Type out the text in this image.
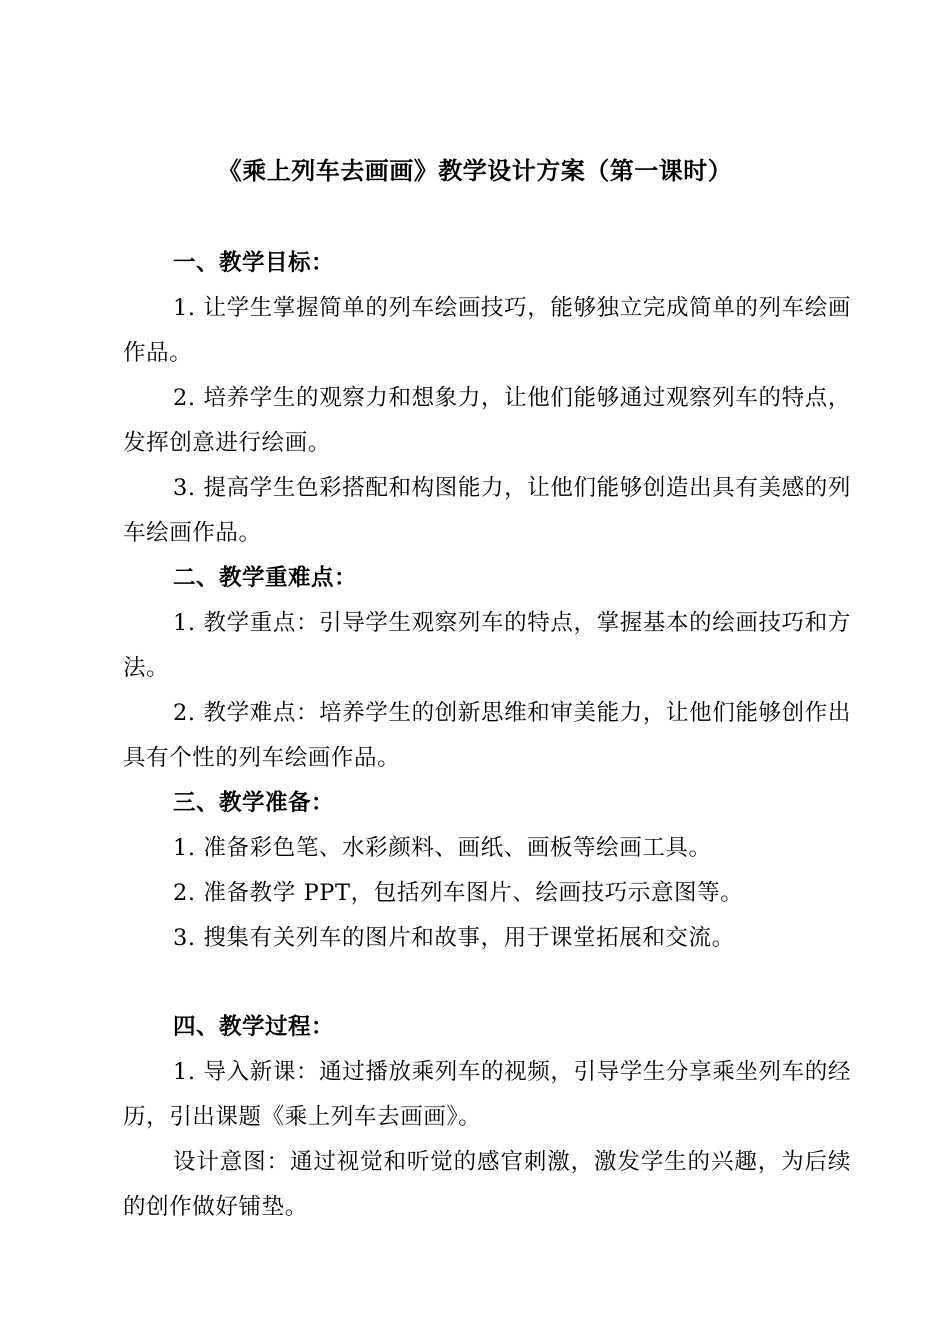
《乘上列车去画画》教学设计方案（第一课时）

一、教学目标：

1. 让学生掌握简单的列车绘画技巧，能够独立完成简单的列车绘画作品。

2. 培养学生的观察力和想象力，让他们能够通过观察列车的特点，发挥创意进行绘画。

3. 提高学生色彩搭配和构图能力，让他们能够创造出具有美感的列车绘画作品。

二、教学重难点：

1. 教学重点：引导学生观察列车的特点，掌握基本的绘画技巧和方法。

2. 教学难点：培养学生的创新思维和审美能力，让他们能够创作出具有个性的列车绘画作品。

三、教学准备：

1. 准备彩色笔、水彩颜料、画纸、画板等绘画工具。

2. 准备教学 PPT，包括列车图片、绘画技巧示意图等。

3. 搜集有关列车的图片和故事，用于课堂拓展和交流。

四、教学过程：

1. 导入新课：通过播放乘列车的视频，引导学生分享乘坐列车的经历，引出课题《乘上列车去画画》。

设计意图：通过视觉和听觉的感官刺激，激发学生的兴趣，为后续的创作做好铺垫。
